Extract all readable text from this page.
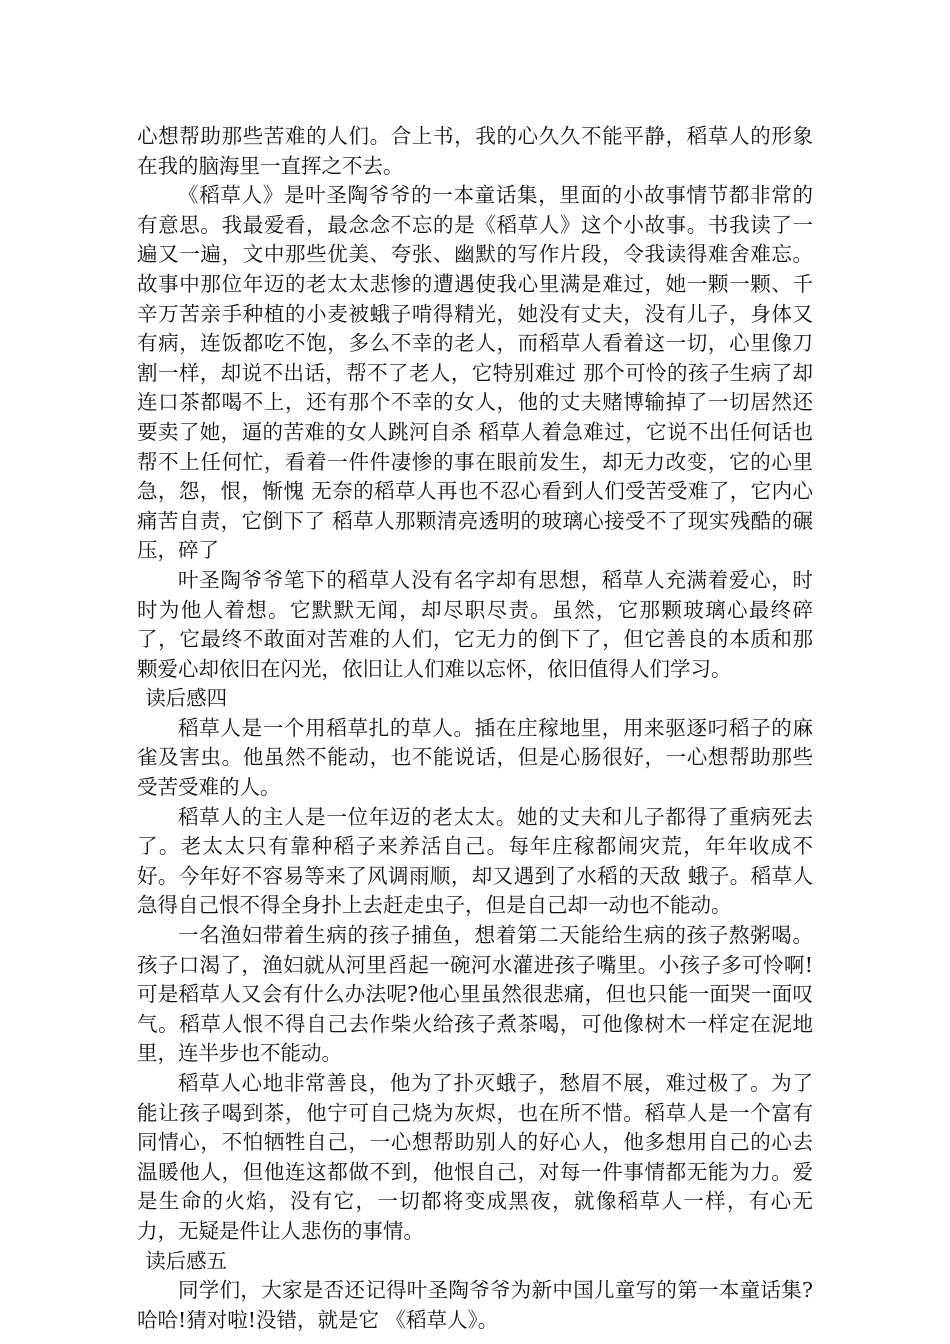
心想帮助那些苦难的人们。合上书，我的心久久不能平静，稻草人的形象在我的脑海里一直挥之不去。

《稻草人》是叶圣陶爷爷的一本童话集，里面的小故事情节都非常的有意思。我最爱看，最念念不忘的是《稻草人》这个小故事。书我读了一遍又一遍，文中那些优美、夸张、幽默的写作片段，令我读得难舍难忘。故事中那位年迈的老太太悲惨的遭遇使我心里满是难过，她一颗一颗、千辛万苦亲手种植的小麦被蛾子啃得精光，她没有丈夫，没有儿子，身体又有病，连饭都吃不饱，多么不幸的老人，而稻草人看着这一切，心里像刀割一样，却说不出话，帮不了老人，它特别难过 那个可怜的孩子生病了却连口茶都喝不上，还有那个不幸的女人，他的丈夫赌博输掉了一切居然还要卖了她，逼的苦难的女人跳河自杀 稻草人着急难过，它说不出任何话也帮不上任何忙，看着一件件凄惨的事在眼前发生，却无力改变，它的心里急，怨，恨，惭愧 无奈的稻草人再也不忍心看到人们受苦受难了，它内心痛苦自责，它倒下了 稻草人那颗清亮透明的玻璃心接受不了现实残酷的碾压，碎了

叶圣陶爷爷笔下的稻草人没有名字却有思想，稻草人充满着爱心，时时为他人着想。它默默无闻，却尽职尽责。虽然，它那颗玻璃心最终碎了，它最终不敢面对苦难的人们，它无力的倒下了，但它善良的本质和那颗爱心却依旧在闪光，依旧让人们难以忘怀，依旧值得人们学习。

读后感四

稻草人是一个用稻草扎的草人。插在庄稼地里，用来驱逐叼稻子的麻雀及害虫。他虽然不能动，也不能说话，但是心肠很好，一心想帮助那些受苦受难的人。

稻草人的主人是一位年迈的老太太。她的丈夫和儿子都得了重病死去了。老太太只有靠种稻子来养活自己。每年庄稼都闹灾荒，年年收成不好。今年好不容易等来了风调雨顺，却又遇到了水稻的天敌 蛾子。稻草人急得自己恨不得全身扑上去赶走虫子，但是自己却一动也不能动。

一名渔妇带着生病的孩子捕鱼，想着第二天能给生病的孩子熬粥喝。孩子口渴了，渔妇就从河里舀起一碗河水灌进孩子嘴里。小孩子多可怜啊!可是稻草人又会有什么办法呢?他心里虽然很悲痛，但也只能一面哭一面叹气。稻草人恨不得自己去作柴火给孩子煮茶喝，可他像树木一样定在泥地里，连半步也不能动。

稻草人心地非常善良，他为了扑灭蛾子，愁眉不展，难过极了。为了能让孩子喝到茶，他宁可自己烧为灰烬，也在所不惜。稻草人是一个富有同情心，不怕牺牲自己，一心想帮助别人的好心人，他多想用自己的心去温暖他人，但他连这都做不到，他恨自己，对每一件事情都无能为力。爱是生命的火焰，没有它，一切都将变成黑夜，就像稻草人一样，有心无力，无疑是件让人悲伤的事情。

读后感五

同学们，大家是否还记得叶圣陶爷爷为新中国儿童写的第一本童话集?哈哈!猜对啦!没错，就是它 《稻草人》。
